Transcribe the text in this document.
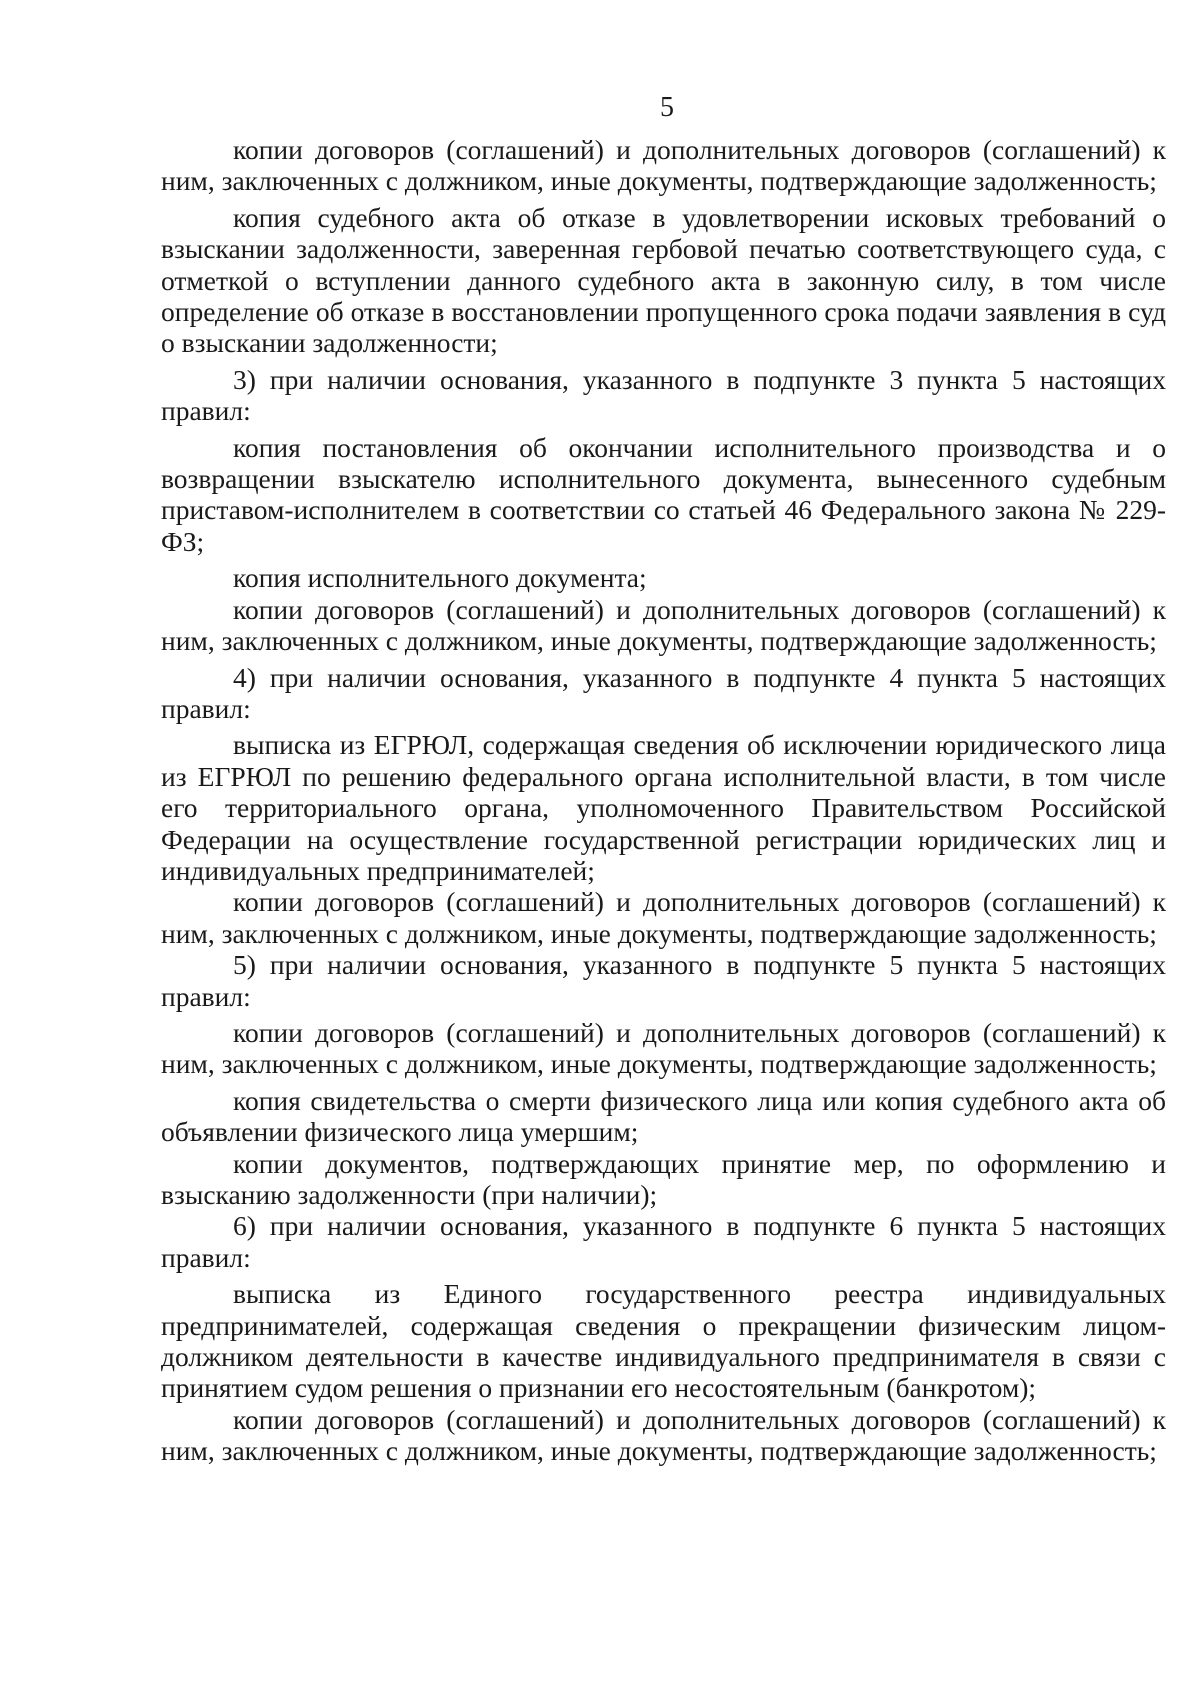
5

копии договоров (соглашений) и дополнительных договоров (соглашений) к ним, заключенных с должником, иные документы, подтверждающие задолженность;

копия судебного акта об отказе в удовлетворении исковых требований о взыскании задолженности, заверенная гербовой печатью соответствующего суда, с отметкой о вступлении данного судебного акта в законную силу, в том числе определение об отказе в восстановлении пропущенного срока подачи заявления в суд о взыскании задолженности;

3) при наличии основания, указанного в подпункте 3 пункта 5 настоящих правил:

копия постановления об окончании исполнительного производства и о возвращении взыскателю исполнительного документа, вынесенного судебным приставом-исполнителем в соответствии со статьей 46 Федерального закона № 229-ФЗ;

копия исполнительного документа;

копии договоров (соглашений) и дополнительных договоров (соглашений) к ним, заключенных с должником, иные документы, подтверждающие задолженность;

4) при наличии основания, указанного в подпункте 4 пункта 5 настоящих правил:

выписка из ЕГРЮЛ, содержащая сведения об исключении юридического лица из ЕГРЮЛ по решению федерального органа исполнительной власти, в том числе его территориального органа, уполномоченного Правительством Российской Федерации на осуществление государственной регистрации юридических лиц и индивидуальных предпринимателей;

копии договоров (соглашений) и дополнительных договоров (соглашений) к ним, заключенных с должником, иные документы, подтверждающие задолженность;

5) при наличии основания, указанного в подпункте 5 пункта 5 настоящих правил:

копии договоров (соглашений) и дополнительных договоров (соглашений) к ним, заключенных с должником, иные документы, подтверждающие задолженность;

копия свидетельства о смерти физического лица или копия судебного акта об объявлении физического лица умершим;

копии документов, подтверждающих принятие мер, по оформлению и взысканию задолженности (при наличии);

6) при наличии основания, указанного в подпункте 6 пункта 5 настоящих правил:

выписка из Единого государственного реестра индивидуальных предпринимателей, содержащая сведения о прекращении физическим лицом-должником деятельности в качестве индивидуального предпринимателя в связи с принятием судом решения о признании его несостоятельным (банкротом);

копии договоров (соглашений) и дополнительных договоров (соглашений) к ним, заключенных с должником, иные документы, подтверждающие задолженность;
